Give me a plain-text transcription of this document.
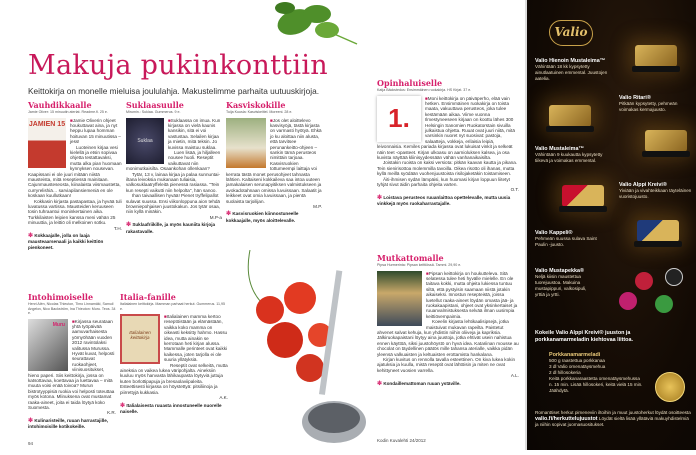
Makuja pukinkonttiin
Keittokirja on monelle mieluisa joululahja. Makustelimme parhaita uutuuskirjoja.
Vauhdikkaalle
Jamie Oliver: 15 minuutin aterlat. Readme.fi. 25 e.
JAMIEN 15

■Jamie Oliverin ohjeet houkuttavat aina, ja nyt heppu lupaa homman hoituvan 15 minuutissa – jess!

Luoteinen kirjaa vesi kielellä ja etsin sopivaa ohjetta testattavaksi, mutta alka pian huomaan kynnyksen nousevan. Kaapissani ei ole juuri mitään niistä mausteista, mitä reseptiessä mainitaan. Cajunmausteseosta, kiinalaista viismaustetta, curryrelishiä… sarviapilansiemeniä en ole koskaan kuullutkaan!

Kokkasin kirjasta pastapastaa, ja hyvää tuli luvatussa vartissa. Mausteiden keruuseen tosin tuhraantui moninkertainen aika. Turkkilaisten leipien kanssa meni vähän 25 minuuttia, ja leittiö oli melkoinen sotku.

T.H.
✻ Kokkaajalle, jolla on laaja mausteaarsenaali ja kaikki keittiön pienkoneet.
Suklaasuulle
Mirumin.: Suklaa. Gummerus. 9 e.
Suklaa

■Suklaassa on imua. Kun kirjassa on vielä kaunis kansikin, sitä ei voi vastustaa. Selailen kirjaa ja mietin, mitä teksin. Jo kuvissa maistuu suklaa.

Luen lisää, ja hiljalleen nousee huoli. Reseptit vaikuttavat niin monimutkaisilta. Osaankohan ollenkaan?

Tytär, 13 v, lainaa kirjaa ja palaa sunnuntai-iltana leivoksia mukanaan tuliaisia, valkosuklaatryffeleitä pienessä rasiassa. "Tein kun resepti vaikutti niin helpolta", hän sanoo.

Ihan taivaallisen hyvää! Pienet tryffelipallot sulavat suussa. Ensi viikonloppuna aion tehdä browniepohjaisen juustokakun. Jos tytär osaa, niin kyllä minäkin.

M.P-a
✻ Suklaafriikille, ja myös kauniita kirjoja rakastavalle.
Kasviskokille
Tuija Kuusla: Kasviskeitiel. Moreeni. 28 e.

■Jos olet aloittelevo kasvisyöjä, tästä kirjasta on varmasti hyötyä. Ehkä jo ku aloittaa niin alusta, että tarvitsee perunankeitto-ohjeen – sankin tämä perusteos nimittäin tarjoaa. Kasvisruokien tottumeempi laittaja voi kerrata tästä monet perusohjeet tahnasta lähtien. Kaltaiseni kokkaileva saa intoa uuteen jamakalaisen serunapyitiksen valmistukseen ja avokadotahnaan omissa luvuissaan. Salaatit ja leikkeet ovat omia luvuissaan, ja pientä suolaista tarjoilijan.

M.P.
✻ Kasvisruokien kiinnostuneelle kokkaajalle, myös aloittelevalle.
Intohimoiselle
Henri Alén, Nicolas Thieuton, Timo Linnamäki, Samuil Angelov, Nico Backström, Ina Thieuton: Muru. Teos. 34 e.
Muru

■Kirjassa seurataan yhtä työpäivää aamuvarhaisesta yömyöhään vuoden 2012 ravintolaksi valitussa Murussa. Hyvät kuvat, helposti seurattavat ruokaohjeet, viinisuositukset, hieno paperi. Siis keittokirja, jossa on katsottavaa, koettavaa ja luettavaa – mitä muuta voisi enää toivoa? Murun bistrotyyppisiä ruokia voi helposti toteuttaa myös kotona. Mlinuksena ovat mustamat raaka-aineet, joita ei taida löytyä koko Suomesta.

K.R.
✻ Kulinaristeille, ruuan harrastajille, intohimoisille kotikokeille.
Italia-fanille
Italialainen keittokirja. Mamman parhaat herkut. Gummerus. 11,95 e.
Italialainen keittokirja

■Italialainen mamma kertoo reseptöistään ja elämästään, vaikka koko mamma on oikeasti keksitty hahmo. Hassu idea, mutta ainakin se kerrotaan heti kirjan alussa. Mammalle perinteet ovat kaikki kaikessa, joten tarjolla ei ole suuria yllätyksiä.

Reseptit ovat selkeitä, mutta aineksia on vaikea lukea väripohjalta. Aineksiin kuuluu myös hanvasta lähikaupasta löytyviä juttuja kuten borlottipapuja ja bresaolaviipaleita. Esteettisesti kirjassa on höystettyä: pitsiliinoja ja piirrettyjä kukkasia.

A.K.
✻ Italialaisesta ruuasta innostuneelle nuorelle naiselle.
94
Opinhaluiselle
Katja Bäckstedus: Ensimmäinen ruokakirja. HS Kirjat. 37 e.
1.

■Moni keittokirja on päiväperho, elää vain hetken. Ensimmäinen ruokakirja on toista maata, vakuuttava perusteos, joka tulee kestämään aikaa. Viime vuonna Ilmestyneeseen kirjaan on koottu lähes 300 Helsingin Sanomien Ruokatorstain sivuilla julkaistua ohjetta. Ruuat ovat juuri niitä, mitä varsinkin nuoret nyt suosivat: pastoja, salaatteja, vokkeja, erilaisia leipiä, leivonnaisia. Kemiles pariada kirjassa ovat lukuisat vinkit ja selkeät näin teet -opasteet. Kirjan ulkoasu on aarnioluksen kalsea, ja osa kuvista näyttää kliinisyydessään vähän vanhanaikaisilta.

Joistakin ruoista on kaksi versiota: pitkän kaavan kautta ja pikana. Tein sienirisottoa molemmilla tavoilla. Oikea risotto oli ihanas, mutta kyllä meillä syödään vuohenjuustoista risilojaketäkin toistamiseen.

Äiti-ihmisen sydän lämpäisi, kun huomasi kirjan loppuun liitetyt tyhjät sivut äidin parhaita ohjeita varten.

O.T.
✻ Loistava perusteos ruuanlaittoa opettelevalle, mutta uusia vinkkejä myös ruokaharrastajalle.
Mutkattomalle
Pipsa Hurmerinta: Pipsan keittiössä. Tammi. 29,90 e.

■Pipsan keittokirja on houkutteleva. Sitä selatessa tulee heti hyvälle mielelle. En ole taitava kokki, mutta ohjeita lukiessa tuntuu siltä, että pystyisin saamaan niistä jotakin aikaiseksi. Innostun resepteistä, joissa luetellut raaka-aineet löydän omasta jää- ja ruokakaapistani, ohjeet ovat yksinkertaiset ja ruuanvalmistuksesta selvää ilman uusimpia keittiövempaimia.

Koeelin kirjasta lehtikaalisipsejä, jotka maistuivat mukavan rapeilta. Paistetut ahvenet salvat kehuja, kun yhdistin niihin oliiveja ja kapriksia. Jälkiruokapaistani löytyy aina juustoja, jotka ehtivät usein nahistua ennen käyttöä, siksi juustohöystö on hyvä idea. Katariinan mousse au chocolat on täydellinen päätös mille tahansa aterialle, vaikka pidän yleensä valkuaisten ja keltuaisten erottamista hankalana.

Kirjan kuvitus on rennolla tavalla esteettinen. On kiva lukea kokin ajatuksia ja kuulla, mistä reseptit ovat lähtöisin ja miten ne ovat kehittyneet vuosien varrella.

A.L.
✻ Kondaillemattoman ruuan ystäville.
Kodin Kuvalehti 24/2012
Valio
Valio Hienoin Mustaleima™
Vähintään 18 kk kypsytetty ainutlaatuinen emmental. Juustojen aatelia.
Valio Ritari®
Pitkään kypsytetty, pehmeän voimakas kermajuusto.
Valio Mustaleima™
Vähintään 9 kuukautta kypsytetty tiikevä ja voimakas emmental.
Valio Alppi Kreivi®
Yiviään ja vivahteikkaan täyteläinen vuoristojuusto.
Valio Kappeli®
Pehmeän suussa sulava Saint Paulin -juusto.
Valio Mustapekka®
Neljä kiisin maustettua tuorejuustoa. Makuina mustapippuri, valkosipuli, yrttiä ja yrtti.
Kokeile Valio Alppi Kreivi® juuston ja porkkanamarmeladin kiehtovaa liittoa.
Porkkanamarmeladi
500 g raastettua porkkanaa
3 dl Valio omenatäysmehua
2 dl hillosokeria
Keitä porkkanaraastetta omenatäysmehussa n. 15 min. Lisää hillosokeri, keitä vielä 15 min. Jäähdytä.
Romanttiset herkut pimeneviin iltoihin ja muut juustoherkut löydät osoitteesta valio.fi/herkuttelujuustot Löydät sieltä lisää yllätäviä makuyhdistelmiä ja niihin sopivat juomasuositukset.
